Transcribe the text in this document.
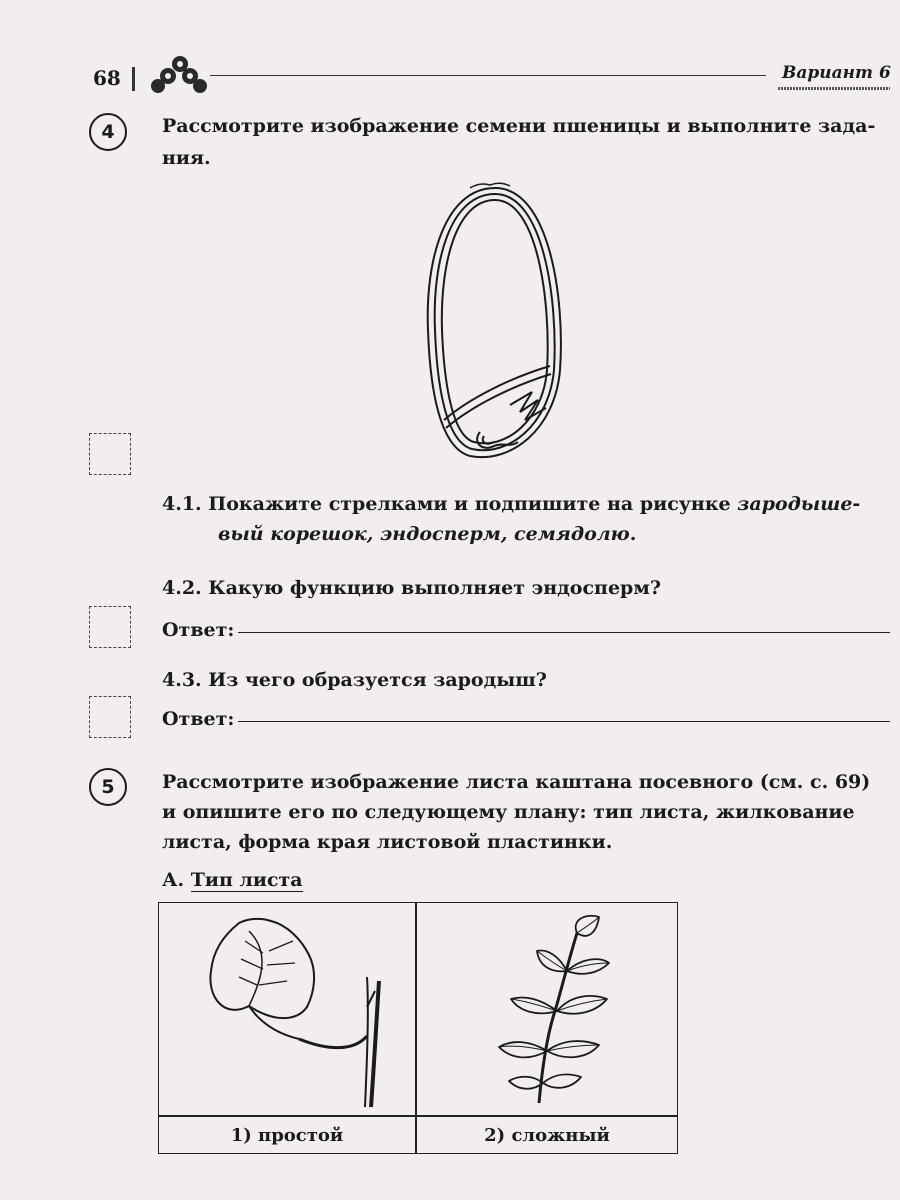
68	Вариант 6
4	Рассмотрите изображение семени пшеницы и выполните зада-
ния.
4.1. Покажите стрелками и подпишите на рисунке зародыше-
вый корешок, эндосперм, семядолю.
4.2. Какую функцию выполняет эндосперм?
Ответ:
4.3. Из чего образуется зародыш?
Ответ:
5	Рассмотрите изображение листа каштана посевного (см. с. 69)
и опишите его по следующему плану: тип листа, жилкование
листа, форма края листовой пластинки.
А. Тип листа
1) простой	2) сложный
